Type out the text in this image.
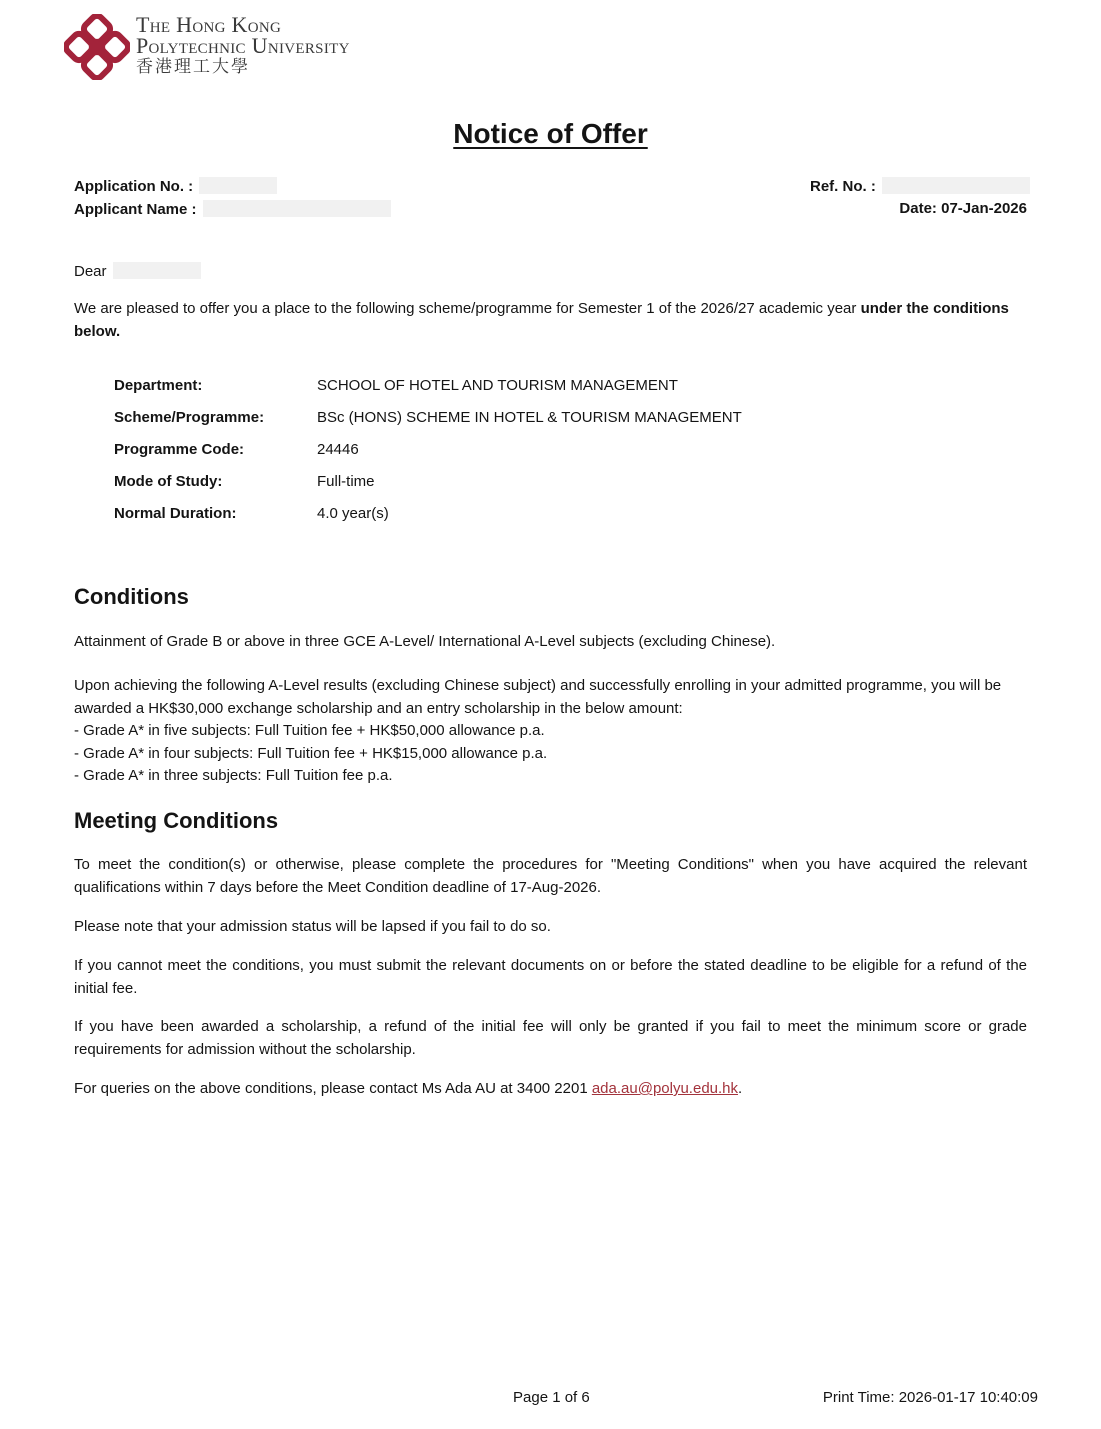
The Hong Kong
Polytechnic University
香港理工大學
Notice of Offer
Application No. :
Applicant Name :
Ref. No. :
Date: 07-Jan-2026
Dear
We are pleased to offer you a place to the following scheme/programme for Semester 1 of the 2026/27 academic year under the conditions below.
Department:	SCHOOL OF HOTEL AND TOURISM MANAGEMENT
Scheme/Programme:	BSc (HONS) SCHEME IN HOTEL & TOURISM MANAGEMENT
Programme Code:	24446
Mode of Study:	Full-time
Normal Duration:	4.0 year(s)
Conditions
Attainment of Grade B or above in three GCE A-Level/ International A-Level subjects (excluding Chinese).
Upon achieving the following A-Level results (excluding Chinese subject) and successfully enrolling in your admitted programme, you will be awarded a HK$30,000 exchange scholarship and an entry scholarship in the below amount:
- Grade A* in five subjects: Full Tuition fee + HK$50,000 allowance p.a.
- Grade A* in four subjects: Full Tuition fee + HK$15,000 allowance p.a.
- Grade A* in three subjects: Full Tuition fee p.a.
Meeting Conditions
To meet the condition(s) or otherwise, please complete the procedures for "Meeting Conditions" when you have acquired the relevant qualifications within 7 days before the Meet Condition deadline of 17-Aug-2026.
Please note that your admission status will be lapsed if you fail to do so.
If you cannot meet the conditions, you must submit the relevant documents on or before the stated deadline to be eligible for a refund of the initial fee.
If you have been awarded a scholarship, a refund of the initial fee will only be granted if you fail to meet the minimum score or grade requirements for admission without the scholarship.
For queries on the above conditions, please contact Ms Ada AU at 3400 2201 ada.au@polyu.edu.hk.
Page 1 of 6	Print Time: 2026-01-17 10:40:09
